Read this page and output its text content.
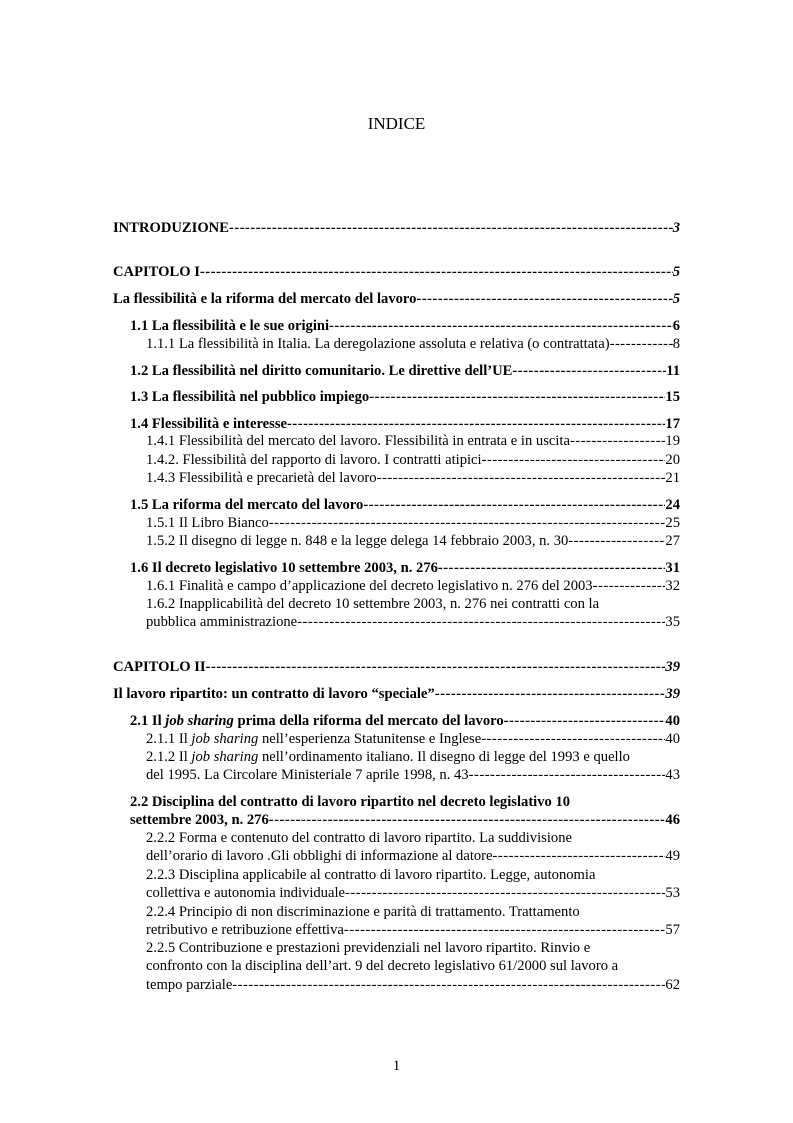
INDICE
INTRODUZIONE -----	3
CAPITOLO I -----	5
La flessibilità e la riforma del mercato del lavoro -----	5
1.1 La flessibilità e le sue origini -----	6
1.1.1 La flessibilità in Italia. La deregolazione assoluta e relativa (o contrattata) -----	8
1.2 La flessibilità nel diritto comunitario. Le direttive dell’UE -----	11
1.3 La flessibilità nel pubblico impiego -----	15
1.4 Flessibilità e interesse -----	17
1.4.1 Flessibilità del mercato del lavoro. Flessibilità in entrata e in uscita -----	19
1.4.2. Flessibilità del rapporto di lavoro. I contratti atipici -----	20
1.4.3 Flessibilità e precarietà del lavoro -----	21
1.5 La riforma del mercato del lavoro -----	24
1.5.1 Il Libro Bianco -----	25
1.5.2 Il disegno di legge n. 848 e la legge delega 14 febbraio 2003, n. 30 -----	27
1.6 Il decreto legislativo 10 settembre 2003, n. 276 -----	31
1.6.1 Finalità e campo d’applicazione del decreto legislativo n. 276 del 2003 -----	32
1.6.2 Inapplicabilità del decreto 10 settembre 2003, n. 276 nei contratti con la
pubblica amministrazione -----	35
CAPITOLO II -----	39
Il lavoro ripartito: un contratto di lavoro “speciale” -----	39
2.1 Il job sharing prima della riforma del mercato del lavoro -----	40
2.1.1 Il job sharing nell’esperienza Statunitense e Inglese -----	40
2.1.2 Il job sharing nell’ordinamento italiano. Il disegno di legge del 1993 e quello
del 1995. La Circolare Ministeriale 7 aprile 1998, n. 43 -----	43
2.2 Disciplina del contratto di lavoro ripartito nel decreto legislativo 10
settembre 2003, n. 276 -----	46
2.2.2 Forma e contenuto del contratto di lavoro ripartito. La suddivisione
dell’orario di lavoro .Gli obblighi di informazione al datore -----	49
2.2.3 Disciplina applicabile al contratto di lavoro ripartito. Legge, autonomia
collettiva e autonomia individuale -----	53
2.2.4 Principio di non discriminazione e parità di trattamento. Trattamento
retributivo e retribuzione effettiva -----	57
2.2.5 Contribuzione e prestazioni previdenziali nel lavoro ripartito. Rinvio e
confronto con la disciplina dell’art. 9 del decreto legislativo 61/2000 sul lavoro a
tempo parziale -----	62
1
